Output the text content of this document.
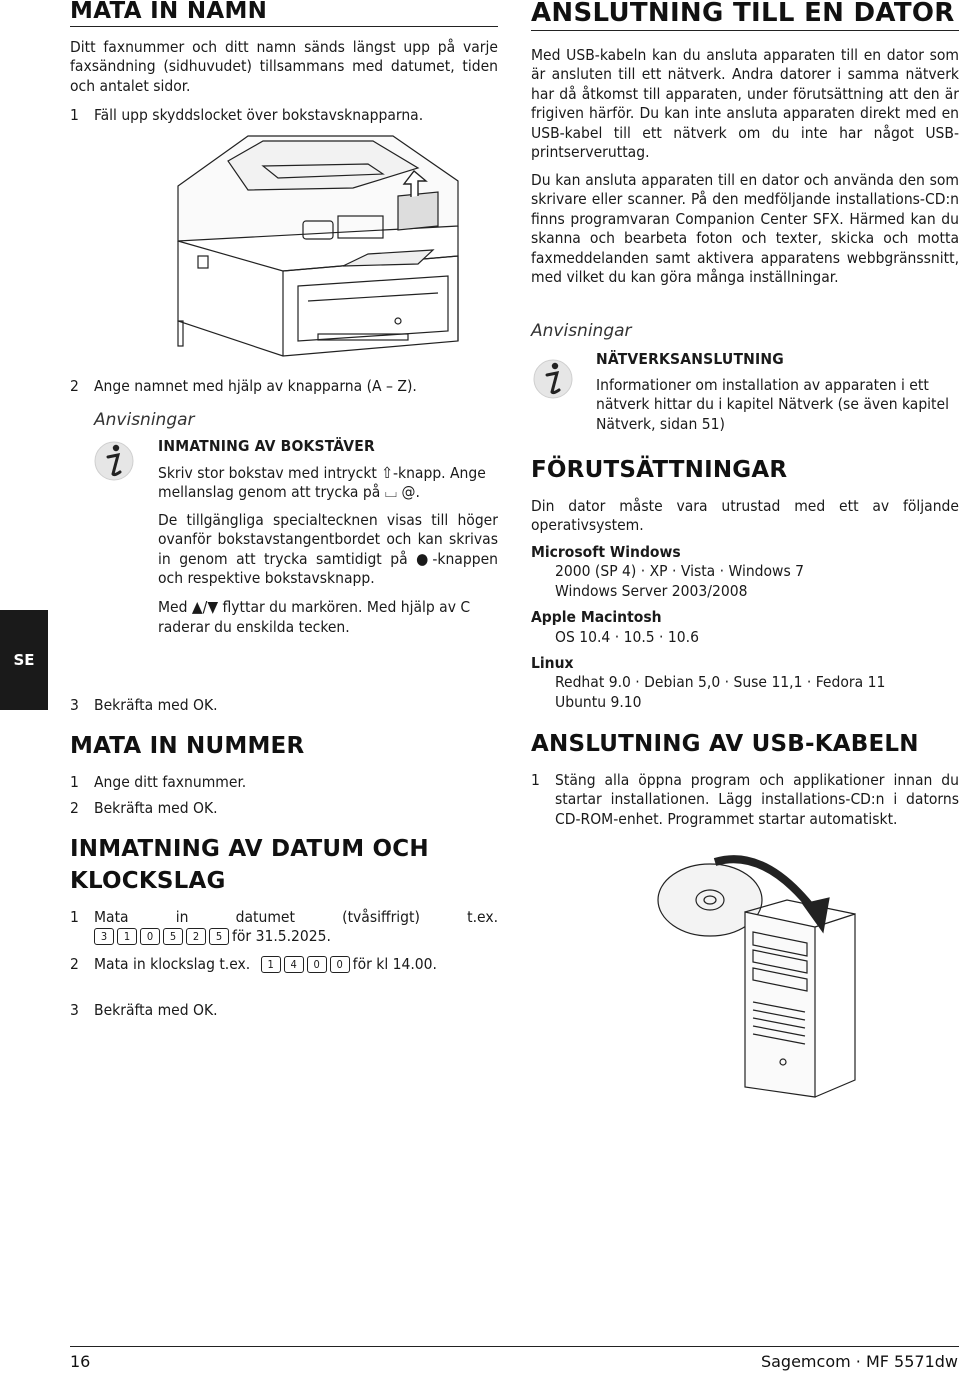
SE
MATA IN NAMN

Ditt faxnummer och ditt namn sänds längst upp på varje faxsändning (sidhuvudet) tillsammans med datumet, tiden och antalet sidor.

1 Fäll upp skyddslocket över bokstavsknapparna.
2 Ange namnet med hjälp av knapparna (A – Z).
Anvisningar
INMATNING AV BOKSTÄVER

Skriv stor bokstav med intryckt ⇧-knapp. Ange mellanslag genom att trycka på ⌴ @.

De tillgängliga specialtecknen visas till höger ovanför bokstavstangentbordet och kan skrivas in genom att trycka samtidigt på ●-knappen och respektive bokstavsknapp.

Med ▲/▼ flyttar du markören. Med hjälp av C raderar du enskilda tecken.

3 Bekräfta med OK.
MATA IN NUMMER
1 Ange ditt faxnummer.
2 Bekräfta med OK.
INMATNING AV DATUM OCH KLOCKSLAG
1 Mata in datumet (tvåsiffrigt) t.ex.
3 1 0 5 2 5 för 31.5.2025.
2 Mata in klockslag t.ex. 1 4 0 0 för kl 14.00.
3 Bekräfta med OK.
ANSLUTNING TILL EN DATOR

Med USB-kabeln kan du ansluta apparaten till en dator som är ansluten till ett nätverk. Andra datorer i samma nätverk har då åtkomst till apparaten, under förutsättning att den är frigiven härför. Du kan inte ansluta apparaten direkt med en USB-kabel till ett nätverk om du inte har något USB-printserveruttag.

Du kan ansluta apparaten till en dator och använda den som skrivare eller scanner. På den medföljande installations-CD:n finns programvaran Companion Center SFX. Härmed kan du skanna och bearbeta foton och texter, skicka och motta faxmeddelanden samt aktivera apparatens webbgränssnitt, med vilket du kan göra många inställningar.

Anvisningar
NÄTVERKSANSLUTNING

Informationer om installation av apparaten i ett nätverk hittar du i kapitel Nätverk (se även kapitel Nätverk, sidan 51)

FÖRUTSÄTTNINGAR

Din dator måste vara utrustad med ett av följande operativsystem.

Microsoft Windows
2000 (SP 4) · XP · Vista · Windows 7
Windows Server 2003/2008
Apple Macintosh
OS 10.4 · 10.5 · 10.6
Linux
Redhat 9.0 · Debian 5,0 · Suse 11,1 · Fedora 11
Ubuntu 9.10
ANSLUTNING AV USB-KABELN
1 Stäng alla öppna program och applikationer innan du startar installationen. Lägg installations-CD:n i datorns CD-ROM-enhet. Programmet startar automatiskt.
16	Sagemcom · MF 5571dw
